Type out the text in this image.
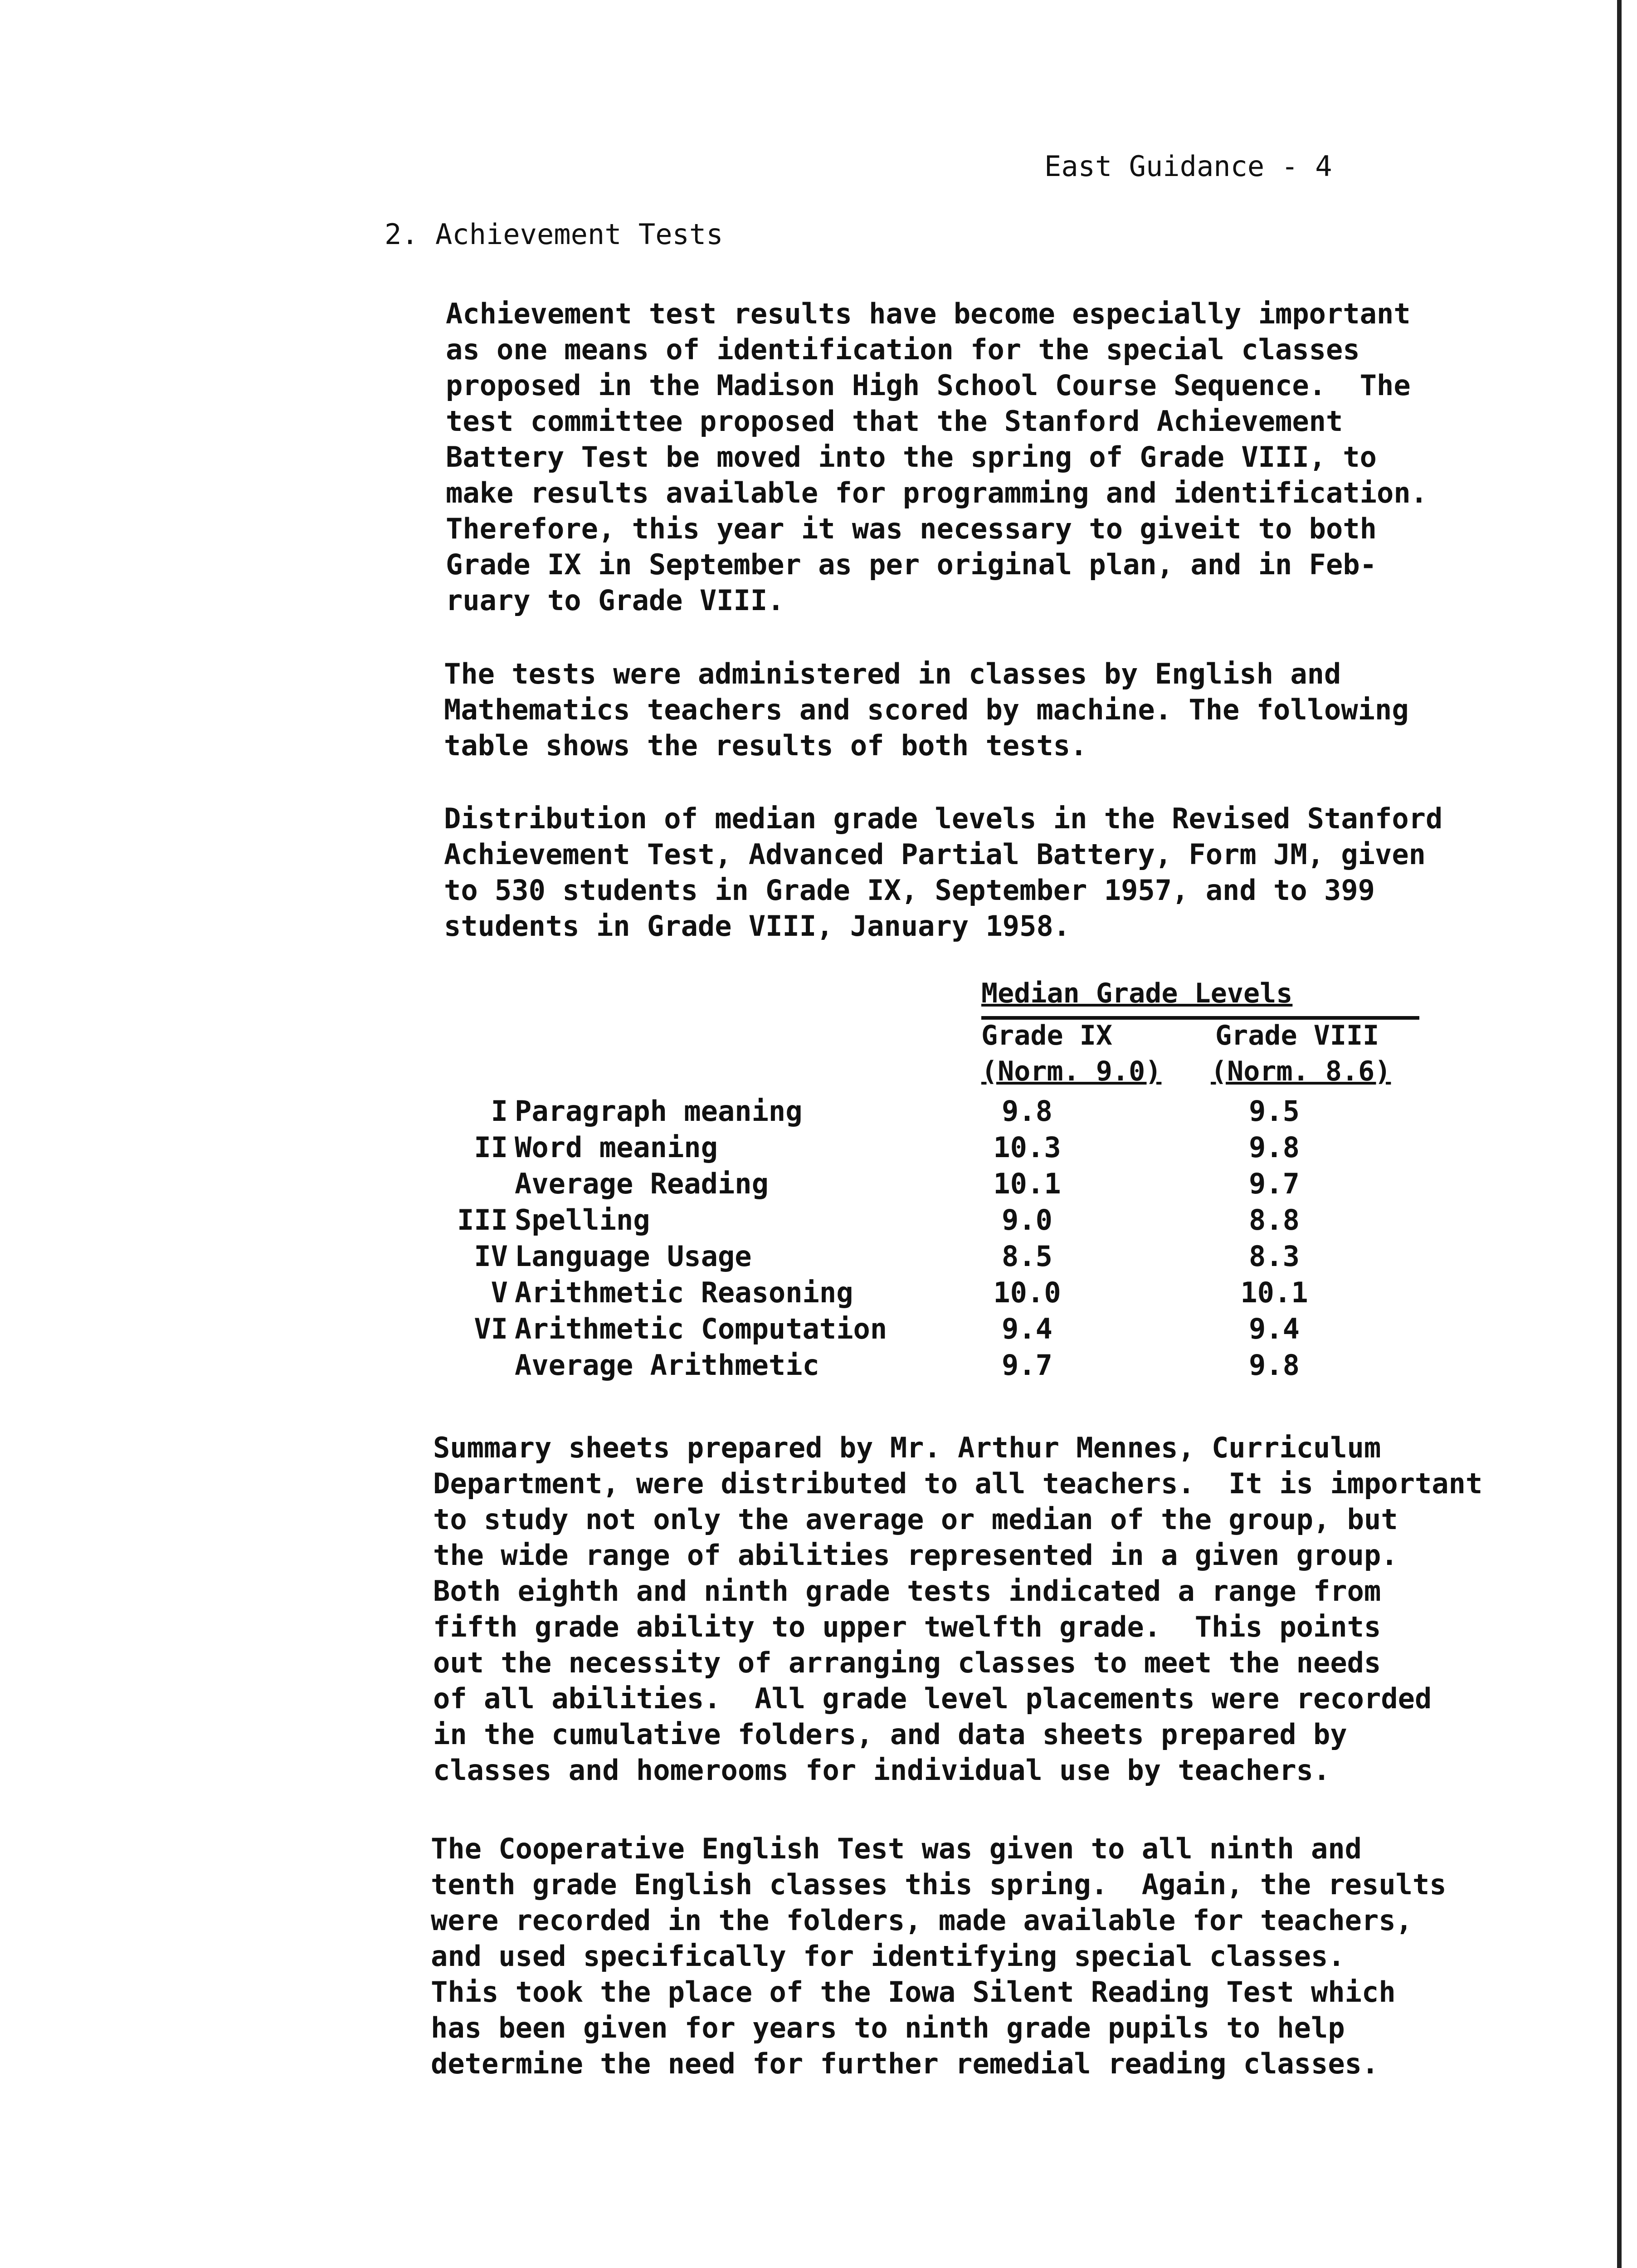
East Guidance - 4
2. Achievement Tests
Achievement test results have become especially important
as one means of identification for the special classes
proposed in the Madison High School Course Sequence.  The
test committee proposed that the Stanford Achievement
Battery Test be moved into the spring of Grade VIII, to
make results available for programming and identification.
Therefore, this year it was necessary to giveit to both
Grade IX in September as per original plan, and in Feb-
ruary to Grade VIII.
The tests were administered in classes by English and
Mathematics teachers and scored by machine. The following
table shows the results of both tests.
Distribution of median grade levels in the Revised Stanford
Achievement Test, Advanced Partial Battery, Form JM, given
to 530 students in Grade IX, September 1957, and to 399
students in Grade VIII, January 1958.
Median Grade Levels
Grade IX	Grade VIII
(Norm. 9.0) (Norm. 8.6)
I Paragraph meaning	9.8	9.5
II Word meaning	10.3	9.8
Average Reading	10.1	9.7
III Spelling	9.0	8.8
IV Language Usage	8.5	8.3
V Arithmetic Reasoning	10.0	10.1
VI Arithmetic Computation	9.4	9.4
Average Arithmetic	9.7	9.8
Summary sheets prepared by Mr. Arthur Mennes, Curriculum
Department, were distributed to all teachers.  It is important
to study not only the average or median of the group, but
the wide range of abilities represented in a given group.
Both eighth and ninth grade tests indicated a range from
fifth grade ability to upper twelfth grade.  This points
out the necessity of arranging classes to meet the needs
of all abilities.  All grade level placements were recorded
in the cumulative folders, and data sheets prepared by
classes and homerooms for individual use by teachers.
The Cooperative English Test was given to all ninth and
tenth grade English classes this spring.  Again, the results
were recorded in the folders, made available for teachers,
and used specifically for identifying special classes.
This took the place of the Iowa Silent Reading Test which
has been given for years to ninth grade pupils to help
determine the need for further remedial reading classes.
